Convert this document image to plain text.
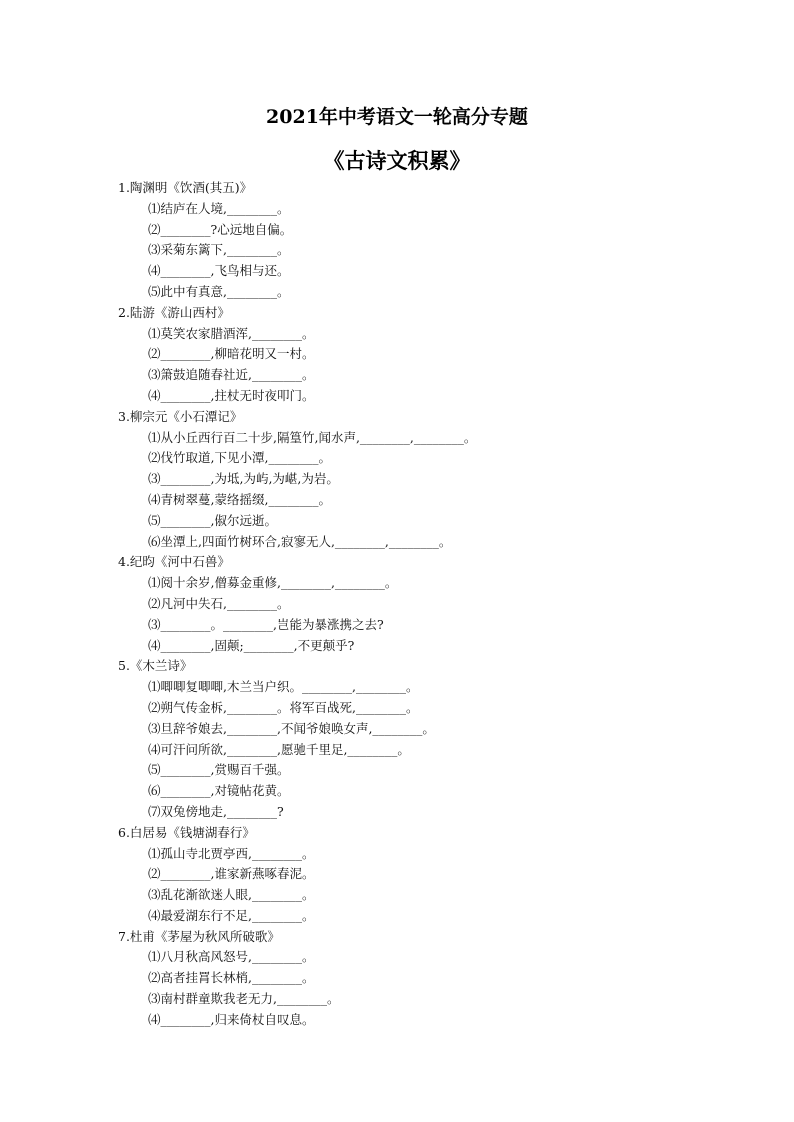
2021年中考语文一轮高分专题
《古诗文积累》
1.陶渊明《饮酒(其五)》
⑴结庐在人境,________。
⑵________?心远地自偏。
⑶采菊东篱下,________。
⑷________,飞鸟相与还。
⑸此中有真意,________。
2.陆游《游山西村》
⑴莫笑农家腊酒浑,________。
⑵________,柳暗花明又一村。
⑶箫鼓追随春社近,________。
⑷________,拄杖无时夜叩门。
3.柳宗元《小石潭记》
⑴从小丘西行百二十步,隔篁竹,闻水声,________,________。
⑵伐竹取道,下见小潭,________。
⑶________,为坻,为屿,为嵁,为岩。
⑷青树翠蔓,蒙络摇缀,________。
⑸________,俶尔远逝。
⑹坐潭上,四面竹树环合,寂寥无人,________,________。
4.纪昀《河中石兽》
⑴阅十余岁,僧募金重修,________,________。
⑵凡河中失石,________。
⑶________。________,岂能为暴涨携之去?
⑷________,固颠;________,不更颠乎?
5.《木兰诗》
⑴唧唧复唧唧,木兰当户织。________,________。
⑵朔气传金柝,________。将军百战死,________。
⑶旦辞爷娘去,________,不闻爷娘唤女声,________。
⑷可汗问所欲,________,愿驰千里足,________。
⑸________,赏赐百千强。
⑹________,对镜帖花黄。
⑺双兔傍地走,________?
6.白居易《钱塘湖春行》
⑴孤山寺北贾亭西,________。
⑵________,谁家新燕啄春泥。
⑶乱花渐欲迷人眼,________。
⑷最爱湖东行不足,________。
7.杜甫《茅屋为秋风所破歌》
⑴八月秋高风怒号,________。
⑵高者挂罥长林梢,________。
⑶南村群童欺我老无力,________。
⑷________,归来倚杖自叹息。
